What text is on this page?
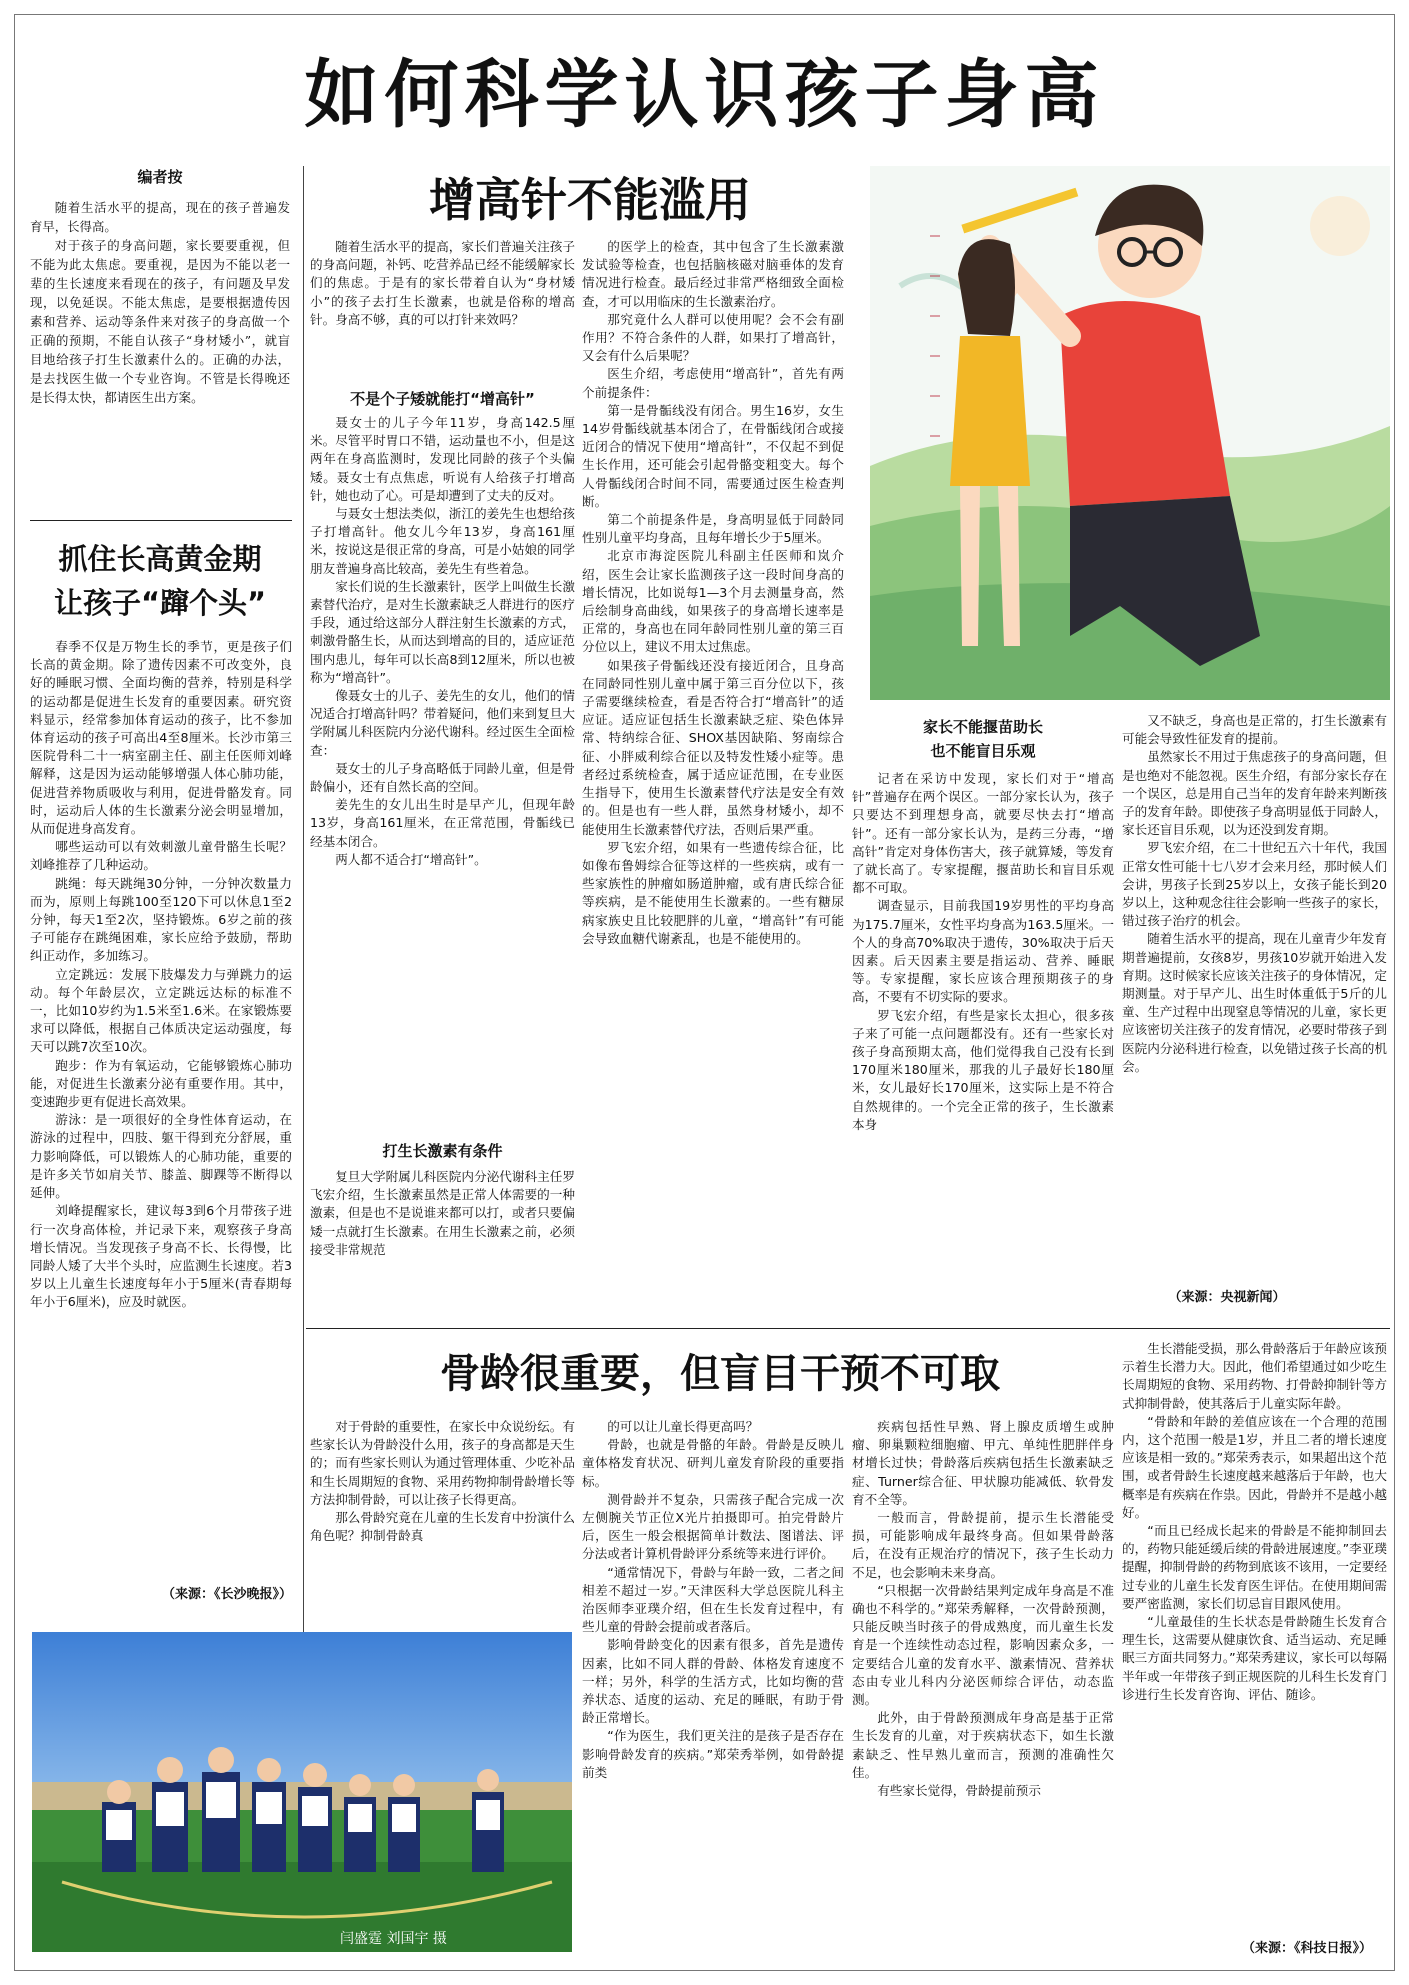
如何科学认识孩子身高
编者按

随着生活水平的提高，现在的孩子普遍发育早，长得高。

对于孩子的身高问题，家长要要重视，但不能为此太焦虑。要重视，是因为不能以老一辈的生长速度来看现在的孩子，有问题及早发现，以免延误。不能太焦虑，是要根据遗传因素和营养、运动等条件来对孩子的身高做一个正确的预期，不能自认孩子“身材矮小”，就盲目地给孩子打生长激素什么的。正确的办法，是去找医生做一个专业咨询。不管是长得晚还是长得太快，都请医生出方案。

抓住长高黄金期
让孩子“蹿个头”

春季不仅是万物生长的季节，更是孩子们长高的黄金期。除了遗传因素不可改变外，良好的睡眠习惯、全面均衡的营养，特别是科学的运动都是促进生长发育的重要因素。研究资料显示，经常参加体育运动的孩子，比不参加体育运动的孩子可高出4至8厘米。长沙市第三医院骨科二十一病室副主任、副主任医师刘峰解释，这是因为运动能够增强人体心肺功能，促进营养物质吸收与利用，促进骨骼发育。同时，运动后人体的生长激素分泌会明显增加，从而促进身高发育。

哪些运动可以有效刺激儿童骨骼生长呢？刘峰推荐了几种运动。

跳绳：每天跳绳30分钟，一分钟次数量力而为，原则上每跳100至120下可以休息1至2分钟，每天1至2次，坚持锻炼。6岁之前的孩子可能存在跳绳困难，家长应给予鼓励，帮助纠正动作，多加练习。

立定跳远：发展下肢爆发力与弹跳力的运动。每个年龄层次，立定跳远达标的标准不一，比如10岁约为1.5米至1.6米。在家锻炼要求可以降低，根据自己体质决定运动强度，每天可以跳7次至10次。

跑步：作为有氧运动，它能够锻炼心肺功能，对促进生长激素分泌有重要作用。其中，变速跑步更有促进长高效果。

游泳：是一项很好的全身性体育运动，在游泳的过程中，四肢、躯干得到充分舒展，重力影响降低，可以锻炼人的心肺功能，重要的是许多关节如肩关节、膝盖、脚踝等不断得以延伸。

刘峰提醒家长，建议每3到6个月带孩子进行一次身高体检，并记录下来，观察孩子身高增长情况。当发现孩子身高不长、长得慢，比同龄人矮了大半个头时，应监测生长速度。若3岁以上儿童生长速度每年小于5厘米(青春期每年小于6厘米)，应及时就医。

（来源：《长沙晚报》）
增高针不能滥用

随着生活水平的提高，家长们普遍关注孩子的身高问题，补钙、吃营养品已经不能缓解家长们的焦虑。于是有的家长带着自认为“身材矮小”的孩子去打生长激素，也就是俗称的增高针。身高不够，真的可以打针来效吗？

不是个子矮就能打“增高针”

聂女士的儿子今年11岁，身高142.5厘米。尽管平时胃口不错，运动量也不小，但是这两年在身高监测时，发现比同龄的孩子个头偏矮。聂女士有点焦虑，听说有人给孩子打增高针，她也动了心。可是却遭到了丈夫的反对。

与聂女士想法类似，浙江的姜先生也想给孩子打增高针。他女儿今年13岁，身高161厘米，按说这是很正常的身高，可是小姑娘的同学朋友普遍身高比较高，姜先生有些着急。

家长们说的生长激素针，医学上叫做生长激素替代治疗，是对生长激素缺乏人群进行的医疗手段，通过给这部分人群注射生长激素的方式，刺激骨骼生长，从而达到增高的目的，适应证范围内患儿，每年可以长高8到12厘米，所以也被称为“增高针”。

像聂女士的儿子、姜先生的女儿，他们的情况适合打增高针吗？带着疑问，他们来到复旦大学附属儿科医院内分泌代谢科。经过医生全面检查：

聂女士的儿子身高略低于同龄儿童，但是骨龄偏小，还有自然长高的空间。

姜先生的女儿出生时是早产儿，但现年龄13岁，身高161厘米，在正常范围，骨骺线已经基本闭合。

两人都不适合打“增高针”。

打生长激素有条件

复旦大学附属儿科医院内分泌代谢科主任罗飞宏介绍，生长激素虽然是正常人体需要的一种激素，但是也不是说谁来都可以打，或者只要偏矮一点就打生长激素。在用生长激素之前，必须接受非常规范

的医学上的检查，其中包含了生长激素激发试验等检查，也包括脑核磁对脑垂体的发育情况进行检查。最后经过非常严格细致全面检查，才可以用临床的生长激素治疗。

那究竟什么人群可以使用呢？会不会有副作用？不符合条件的人群，如果打了增高针，又会有什么后果呢？

医生介绍，考虑使用“增高针”，首先有两个前提条件：

第一是骨骺线没有闭合。男生16岁，女生14岁骨骺线就基本闭合了，在骨骺线闭合或接近闭合的情况下使用“增高针”，不仅起不到促生长作用，还可能会引起骨骼变粗变大。每个人骨骺线闭合时间不同，需要通过医生检查判断。

第二个前提条件是，身高明显低于同龄同性别儿童平均身高，且每年增长少于5厘米。

北京市海淀医院儿科副主任医师和岚介绍，医生会让家长监测孩子这一段时间身高的增长情况，比如说每1—3个月去测量身高，然后绘制身高曲线，如果孩子的身高增长速率是正常的，身高也在同年龄同性别儿童的第三百分位以上，建议不用太过焦虑。

如果孩子骨骺线还没有接近闭合，且身高在同龄同性别儿童中属于第三百分位以下，孩子需要继续检查，看是否符合打“增高针”的适应证。适应证包括生长激素缺乏症、染色体异常、特纳综合征、SHOX基因缺陷、努南综合征、小胖威利综合征以及特发性矮小症等。患者经过系统检查，属于适应证范围，在专业医生指导下，使用生长激素替代疗法是安全有效的。但是也有一些人群，虽然身材矮小，却不能使用生长激素替代疗法，否则后果严重。

罗飞宏介绍，如果有一些遗传综合征，比如像布鲁姆综合征等这样的一些疾病，或有一些家族性的肿瘤如肠道肿瘤，或有唐氏综合征等疾病，是不能使用生长激素的。一些有糖尿病家族史且比较肥胖的儿童，“增高针”有可能会导致血糖代谢紊乱，也是不能使用的。

家长不能揠苗助长
也不能盲目乐观

记者在采访中发现，家长们对于“增高针”普遍存在两个误区。一部分家长认为，孩子只要达不到理想身高，就要尽快去打“增高针”。还有一部分家长认为，是药三分毒，“增高针”肯定对身体伤害大，孩子就算矮，等发育了就长高了。专家提醒，揠苗助长和盲目乐观都不可取。

调查显示，目前我国19岁男性的平均身高为175.7厘米，女性平均身高为163.5厘米。一个人的身高70%取决于遗传，30%取决于后天因素。后天因素主要是指运动、营养、睡眠等。专家提醒，家长应该合理预期孩子的身高，不要有不切实际的要求。

罗飞宏介绍，有些是家长太担心，很多孩子来了可能一点问题都没有。还有一些家长对孩子身高预期太高，他们觉得我自己没有长到170厘米180厘米，那我的儿子最好长180厘米，女儿最好长170厘米，这实际上是不符合自然规律的。一个完全正常的孩子，生长激素本身

又不缺乏，身高也是正常的，打生长激素有可能会导致性征发育的提前。

虽然家长不用过于焦虑孩子的身高问题，但是也绝对不能忽视。医生介绍，有部分家长存在一个误区，总是用自己当年的发育年龄来判断孩子的发育年龄。即使孩子身高明显低于同龄人，家长还盲目乐观，以为还没到发育期。

罗飞宏介绍，在二十世纪五六十年代，我国正常女性可能十七八岁才会来月经，那时候人们会讲，男孩子长到25岁以上，女孩子能长到20岁以上，这种观念往往会影响一些孩子的家长，错过孩子治疗的机会。

随着生活水平的提高，现在儿童青少年发育期普遍提前，女孩8岁，男孩10岁就开始进入发育期。这时候家长应该关注孩子的身体情况，定期测量。对于早产儿、出生时体重低于5斤的儿童、生产过程中出现窒息等情况的儿童，家长更应该密切关注孩子的发育情况，必要时带孩子到医院内分泌科进行检查，以免错过孩子长高的机会。

（来源：央视新闻）
骨龄很重要，但盲目干预不可取

对于骨龄的重要性，在家长中众说纷纭。有些家长认为骨龄没什么用，孩子的身高都是天生的；而有些家长则认为通过管理体重、少吃补品和生长周期短的食物、采用药物抑制骨龄增长等方法抑制骨龄，可以让孩子长得更高。

那么骨龄究竟在儿童的生长发育中扮演什么角色呢？抑制骨龄真

的可以让儿童长得更高吗？

骨龄，也就是骨骼的年龄。骨龄是反映儿童体格发育状况、研判儿童发育阶段的重要指标。

测骨龄并不复杂，只需孩子配合完成一次左侧腕关节正位X光片拍摄即可。拍完骨龄片后，医生一般会根据简单计数法、图谱法、评分法或者计算机骨龄评分系统等来进行评价。

“通常情况下，骨龄与年龄一致，二者之间相差不超过一岁。”天津医科大学总医院儿科主治医师李亚璞介绍，但在生长发育过程中，有些儿童的骨龄会提前或者落后。

影响骨龄变化的因素有很多，首先是遗传因素，比如不同人群的骨龄、体格发育速度不一样；另外，科学的生活方式，比如均衡的营养状态、适度的运动、充足的睡眠，有助于骨龄正常增长。

“作为医生，我们更关注的是孩子是否存在影响骨龄发育的疾病。”郑荣秀举例，如骨龄提前类

疾病包括性早熟、肾上腺皮质增生或肿瘤、卵巢颗粒细胞瘤、甲亢、单纯性肥胖伴身材增长过快；骨龄落后疾病包括生长激素缺乏症、Turner综合征、甲状腺功能减低、软骨发育不全等。

一般而言，骨龄提前，提示生长潜能受损，可能影响成年最终身高。但如果骨龄落后，在没有正规治疗的情况下，孩子生长动力不足，也会影响未来身高。

“只根据一次骨龄结果判定成年身高是不准确也不科学的。”郑荣秀解释，一次骨龄预测，只能反映当时孩子的骨成熟度，而儿童生长发育是一个连续性动态过程，影响因素众多，一定要结合儿童的发育水平、激素情况、营养状态由专业儿科内分泌医师综合评估，动态监测。

此外，由于骨龄预测成年身高是基于正常生长发育的儿童，对于疾病状态下，如生长激素缺乏、性早熟儿童而言，预测的准确性欠佳。

有些家长觉得，骨龄提前预示

生长潜能受损，那么骨龄落后于年龄应该预示着生长潜力大。因此，他们希望通过如少吃生长周期短的食物、采用药物、打骨龄抑制针等方式抑制骨龄，使其落后于儿童实际年龄。

“骨龄和年龄的差值应该在一个合理的范围内，这个范围一般是1岁，并且二者的增长速度应该是相一致的。”郑荣秀表示，如果超出这个范围，或者骨龄生长速度越来越落后于年龄，也大概率是有疾病在作祟。因此，骨龄并不是越小越好。

“而且已经成长起来的骨龄是不能抑制回去的，药物只能延缓后续的骨龄进展速度。”李亚璞提醒，抑制骨龄的药物到底该不该用，一定要经过专业的儿童生长发育医生评估。在使用期间需要严密监测，家长们切忌盲目跟风使用。

“儿童最佳的生长状态是骨龄随生长发育合理生长，这需要从健康饮食、适当运动、充足睡眠三方面共同努力。”郑荣秀建议，家长可以每隔半年或一年带孩子到正规医院的儿科生长发育门诊进行生长发育咨询、评估、随诊。

（来源：《科技日报》）
闫盛霆 刘国宇 摄
